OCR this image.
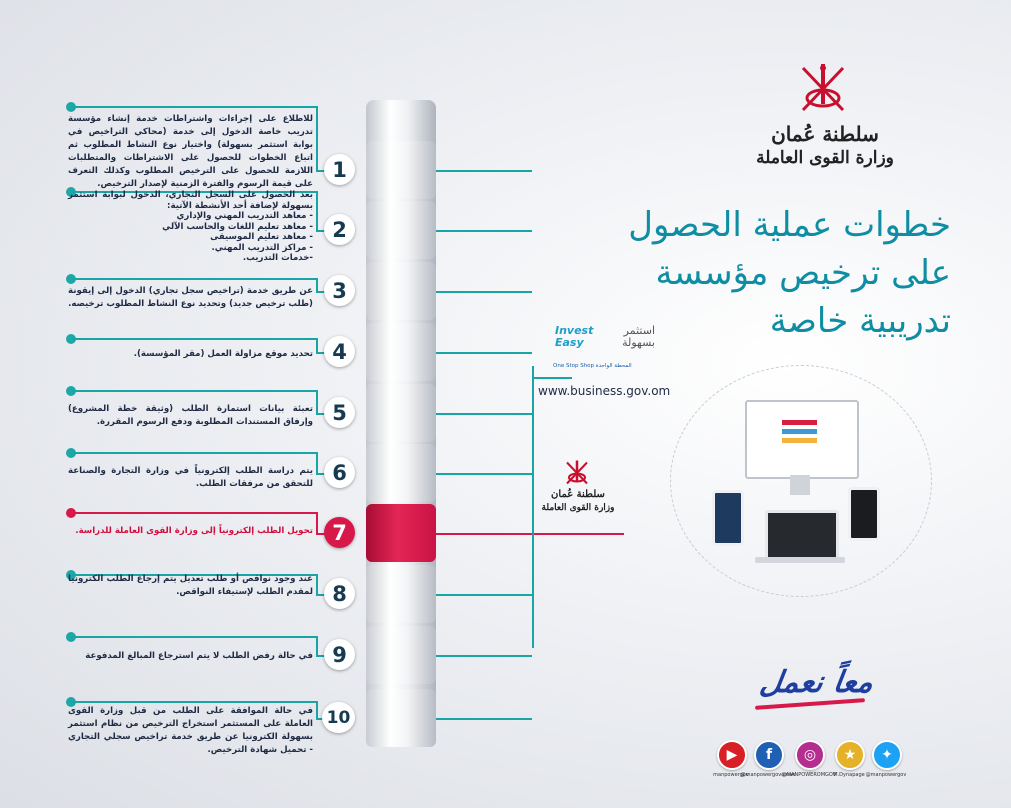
1
للاطلاع على إجراءات واشتراطات خدمة إنشاء مؤسسة تدريب خاصة الدخول إلى خدمة (محاكي التراخيص في بوابة استثمر بسهولة) واختيار نوع النشاط المطلوب ثم اتباع الخطوات للحصول على الاشتراطات والمتطلبات اللازمة للحصول على الترخيص المطلوب وكذلك التعرف على قيمة الرسوم والفترة الزمنية لإصدار الترخيص.
2
بعد الحصول على السجل التجاري، الدخول لبوابة استثمر بسهولة لإضافة أحد الأنشطة الآتية:
- معاهد التدريب المهني والإداري
- معاهد تعليم اللغات والحاسب الآلي
- معاهد تعليم الموسيقى
- مراكز التدريب المهني.
-خدمات التدريب.
3
عن طريق خدمة (تراخيص سجل تجاري) الدخول إلى إيقونة (طلب ترخيص جديد) وتحديد نوع النشاط المطلوب ترخيصه.
4
تحديد موقع مزاولة العمل (مقر المؤسسة).
5
تعبئة بيانات استمارة الطلب (وثيقة خطة المشروع) وإرفاق المستندات المطلوبة ودفع الرسوم المقررة.
6
يتم دراسة الطلب إلكترونياً في وزارة التجارة والصناعة للتحقق من مرفقات الطلب.
7
تحويل الطلب إلكترونياً إلى وزارة القوى العاملة للدراسة.
8
عند وجود نواقص أو طلب تعديل يتم إرجاع الطلب الكترونيا لمقدم الطلب لإستيفاء النواقص.
9
في حالة رفض الطلب لا يتم استرجاع المبالغ المدفوعة
10
في حالة الموافقة على الطلب من قبل وزارة القوى العاملة على المستثمر استخراج الترخيص من نظام استثمر بسهولة الكترونيا عن طريق خدمة تراخيص سجلي التجاري - تحميل شهادة الترخيص.
سلطنة عُمان
وزارة القوى العاملة
خطوات عملية الحصول
على ترخيص مؤسسة
تدريبية خاصة
Invest Easy
استثمر بسهولة
One Stop Shop المحطة الواحدة
www.business.gov.om
سلطنة عُمان
وزارة القوى العاملة
معاً نعمل
▶
manpowergov
f
@manpowergovoman
◎
@MANPOWEROMGOV
★
M.Dynapage
✦
@manpowergov
